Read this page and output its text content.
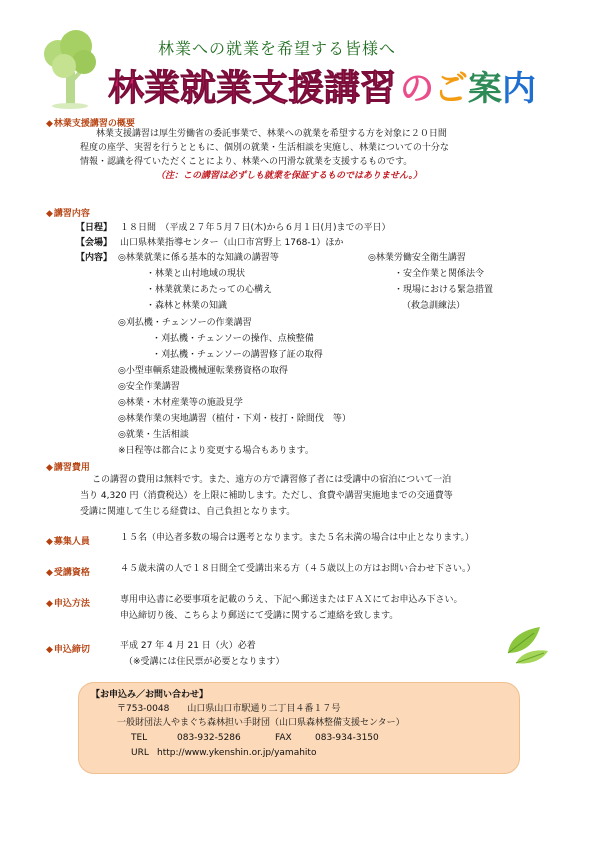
林業への就業を希望する皆様へ
林業就業支援講習 のご案内
◆林業支援講習の概要
林業支援講習は厚生労働省の委託事業で、林業への就業を希望する方を対象に２０日間
程度の座学、実習を行うとともに、個別の就業・生活相談を実施し、林業についての十分な
情報・認識を得ていただくことにより、林業への円滑な就業を支援するものです。
（注：この講習は必ずしも就業を保証するものではありません。）
◆講習内容
【日程】 １８日間　（平成２７年５月７日(木)から６月１日(月)までの平日）
【会場】 山口県林業指導センター（山口市宮野上 1768-1）ほか
【内容】 ◎林業就業に係る基本的な知識の講習等
・林業と山村地域の現状
・林業就業にあたっての心構え
・森林と林業の知識
◎林業労働安全衛生講習
・安全作業と関係法令
・現場における緊急措置
（救急訓練法）
◎刈払機・チェンソーの作業講習
・刈払機・チェンソーの操作、点検整備
・刈払機・チェンソーの講習修了証の取得
◎小型車輌系建設機械運転業務資格の取得
◎安全作業講習
◎林業・木材産業等の施設見学
◎林業作業の実地講習（植付・下刈・枝打・除間伐　等）
◎就業・生活相談
※日程等は都合により変更する場合もあります。
◆講習費用
この講習の費用は無料です。また、遠方の方で講習修了者には受講中の宿泊について一泊
当り 4,320 円（消費税込）を上限に補助します。ただし、食費や講習実施地までの交通費等
受講に関連して生じる経費は、自己負担となります。
◆募集人員	１５名（申込者多数の場合は選考となります。また５名未満の場合は中止となります。）
◆受講資格	４５歳未満の人で１８日間全て受講出来る方（４５歳以上の方はお問い合わせ下さい。）
◆申込方法	専用申込書に必要事項を記載のうえ、下記へ郵送またはＦＡＸにてお申込み下さい。
申込締切り後、こちらより郵送にて受講に関するご連絡を致します。
◆申込締切	平成 27 年 4 月 21 日（火）必着
（※受講には住民票が必要となります）
【お申込み／お問い合わせ】
〒753-0048　　山口県山口市駅通り二丁目４番１７号
一般財団法人やまぐち森林担い手財団（山口県森林整備支援センター）
TEL	083-932-5286	FAX	083-934-3150
URL http://www.ykenshin.or.jp/yamahito
